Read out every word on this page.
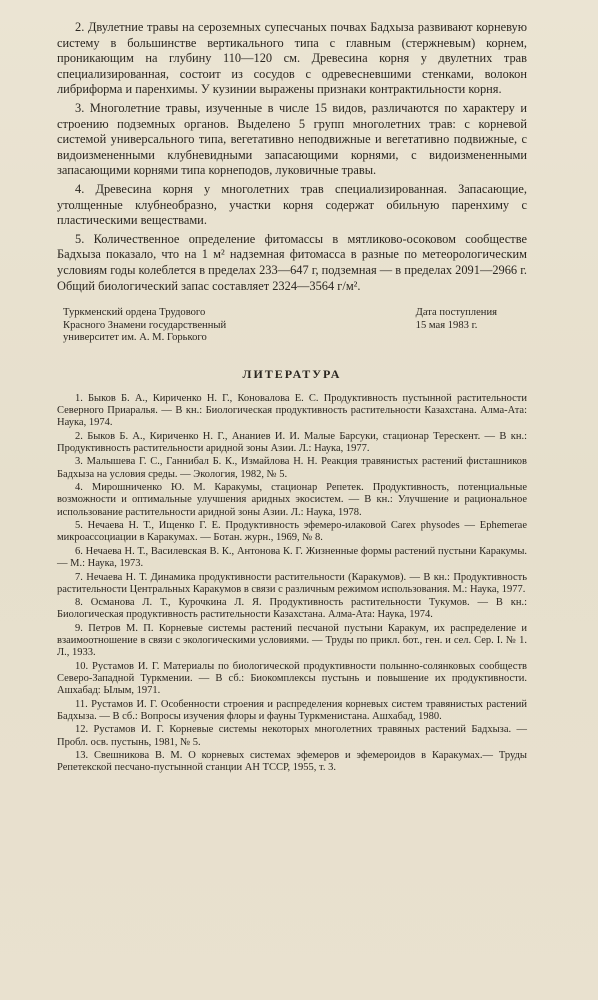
2. Двулетние травы на сероземных супесчаных почвах Бадхыза развивают корневую систему в большинстве вертикального типа с главным (стержневым) корнем, проникающим на глубину 110—120 см. Древесина корня у двулетних трав специализированная, состоит из сосудов с одревесневшими стенками, волокон либриформа и паренхимы. У кузинии выражены признаки контрактильности корня.

3. Многолетние травы, изученные в числе 15 видов, различаются по характеру и строению подземных органов. Выделено 5 групп многолетних трав: с корневой системой универсального типа, вегетативно неподвижные и вегетативно подвижные, с видоизмененными клубневидными запасающими корнями, с видоизмененными запасающими корнями типа корнеподов, луковичные травы.

4. Древесина корня у многолетних трав специализированная. Запасающие, утолщенные клубнеобразно, участки корня содержат обильную паренхиму с пластическими веществами.

5. Количественное определение фитомассы в мятликово-осоковом сообществе Бадхыза показало, что на 1 м² надземная фитомасса в разные по метеорологическим условиям годы колеблется в пределах 233—647 г, подземная — в пределах 2091—2966 г. Общий биологический запас составляет 2324—3564 г/м².

Туркменский ордена Трудового
Красного Знамени государственный
университет им. А. М. Горького
Дата поступления
15 мая 1983 г.
ЛИТЕРАТУРА

1. Быков Б. А., Кириченко Н. Г., Коновалова Е. С. Продуктивность пустынной растительности Северного Приаралья. — В кн.: Биологическая продуктивность растительности Казахстана. Алма-Ата: Наука, 1974.

2. Быков Б. А., Кириченко Н. Г., Ананиев И. И. Малые Барсуки, стационар Терескент. — В кн.: Продуктивность растительности аридной зоны Азии. Л.: Наука, 1977.

3. Малышева Г. С., Ганнибал Б. К., Измайлова Н. Н. Реакция травянистых растений фисташников Бадхыза на условия среды. — Экология, 1982, № 5.

4. Мирошниченко Ю. М. Каракумы, стационар Репетек. Продуктивность, потенциальные возможности и оптимальные улучшения аридных экосистем. — В кн.: Улучшение и рациональное использование растительности аридной зоны Азии. Л.: Наука, 1978.

5. Нечаева Н. Т., Ищенко Г. Е. Продуктивность эфемеро-илаковой Carex physodes — Ephemerae микроассоциации в Каракумах. — Ботан. журн., 1969, № 8.

6. Нечаева Н. Т., Василевская В. К., Антонова К. Г. Жизненные формы растений пустыни Каракумы. — М.: Наука, 1973.

7. Нечаева Н. Т. Динамика продуктивности растительности (Каракумов). — В кн.: Продуктивность растительности Центральных Каракумов в связи с различным режимом использования. М.: Наука, 1977.

8. Османова Л. Т., Курочкина Л. Я. Продуктивность растительности Тукумов. — В кн.: Биологическая продуктивность растительности Казахстана. Алма-Ата: Наука, 1974.

9. Петров М. П. Корневые системы растений песчаной пустыни Каракум, их распределение и взаимоотношение в связи с экологическими условиями. — Труды по прикл. бот., ген. и сел. Сер. I. № 1. Л., 1933.

10. Рустамов И. Г. Материалы по биологической продуктивности полынно-солянковых сообществ Северо-Западной Туркмении. — В сб.: Биокомплексы пустынь и повышение их продуктивности. Ашхабад: Ылым, 1971.

11. Рустамов И. Г. Особенности строения и распределения корневых систем травянистых растений Бадхыза. — В сб.: Вопросы изучения флоры и фауны Туркменистана. Ашхабад, 1980.

12. Рустамов И. Г. Корневые системы некоторых многолетних травяных растений Бадхыза. — Пробл. осв. пустынь, 1981, № 5.

13. Свешникова В. М. О корневых системах эфемеров и эфемероидов в Каракумах.— Труды Репетекской песчано-пустынной станции АН ТССР, 1955, т. 3.
